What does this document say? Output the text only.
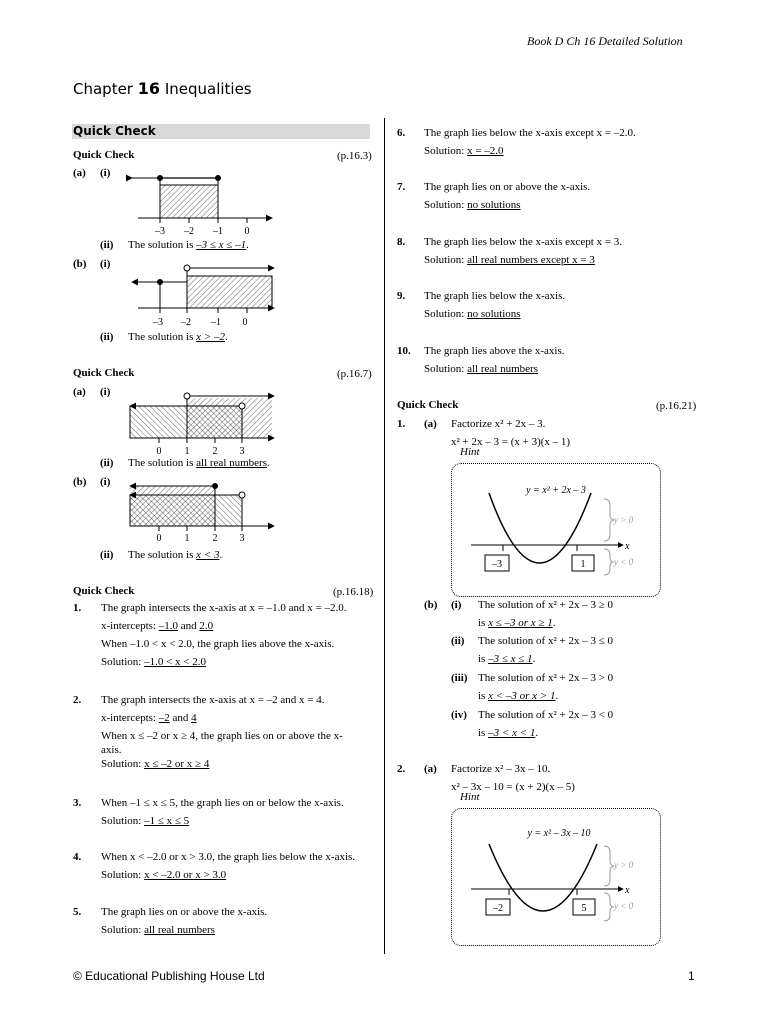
Book D Ch 16 Detailed Solution
Chapter 16 Inequalities
Quick Check
Quick Check	(p.16.3)
(a) (i)
–3 –2 –1 0
(ii) The solution is –3 ≤ x ≤ –1.
(b) (i)
–3 –2 –1 0
(ii) The solution is x > –2.
Quick Check	(p.16.7)
(a) (i)
0 1 2 3
(ii) The solution is all real numbers.
(b) (i)
0 1 2 3
(ii) The solution is x < 3.
Quick Check	(p.16.18)
1. The graph intersects the x-axis at x = –1.0 and x = –2.0.
x-intercepts: –1.0 and 2.0
When –1.0 < x < 2.0, the graph lies above the x-axis.
Solution: –1.0 < x < 2.0
2. The graph intersects the x-axis at x = –2 and x = 4.
x-intercepts: –2 and 4
When x ≤ –2 or x ≥ 4, the graph lies on or above the x-
axis.
Solution: x ≤ –2 or x ≥ 4
3. When –1 ≤ x ≤ 5, the graph lies on or below the x-axis.
Solution: –1 ≤ x ≤ 5
4. When x < –2.0 or x > 3.0, the graph lies below the x-axis.
Solution: x < –2.0 or x > 3.0
5. The graph lies on or above the x-axis.
Solution: all real numbers
6. The graph lies below the x-axis except x = –2.0.
Solution: x = –2.0
7. The graph lies on or above the x-axis.
Solution: no solutions
8. The graph lies below the x-axis except x = 3.
Solution: all real numbers except x = 3
9. The graph lies below the x-axis.
Solution: no solutions
10. The graph lies above the x-axis.
Solution: all real numbers
Quick Check	(p.16.21)
1. (a) Factorize x² + 2x – 3.
x² + 2x – 3 = (x + 3)(x – 1)
Hint
y = x² + 2x – 3
x
–3	1
y > 0
y < 0
(b) (i) The solution of x² + 2x – 3 ≥ 0
is x ≤ –3 or x ≥ 1.
(ii) The solution of x² + 2x – 3 ≤ 0
is –3 ≤ x ≤ 1.
(iii) The solution of x² + 2x – 3 > 0
is x < –3 or x > 1.
(iv) The solution of x² + 2x – 3 < 0
is –3 < x < 1.
2. (a) Factorize x² – 3x – 10.
x² – 3x – 10 = (x + 2)(x – 5)
Hint
y = x² – 3x – 10
x
–2	5
y > 0
y < 0
© Educational Publishing House Ltd	1
